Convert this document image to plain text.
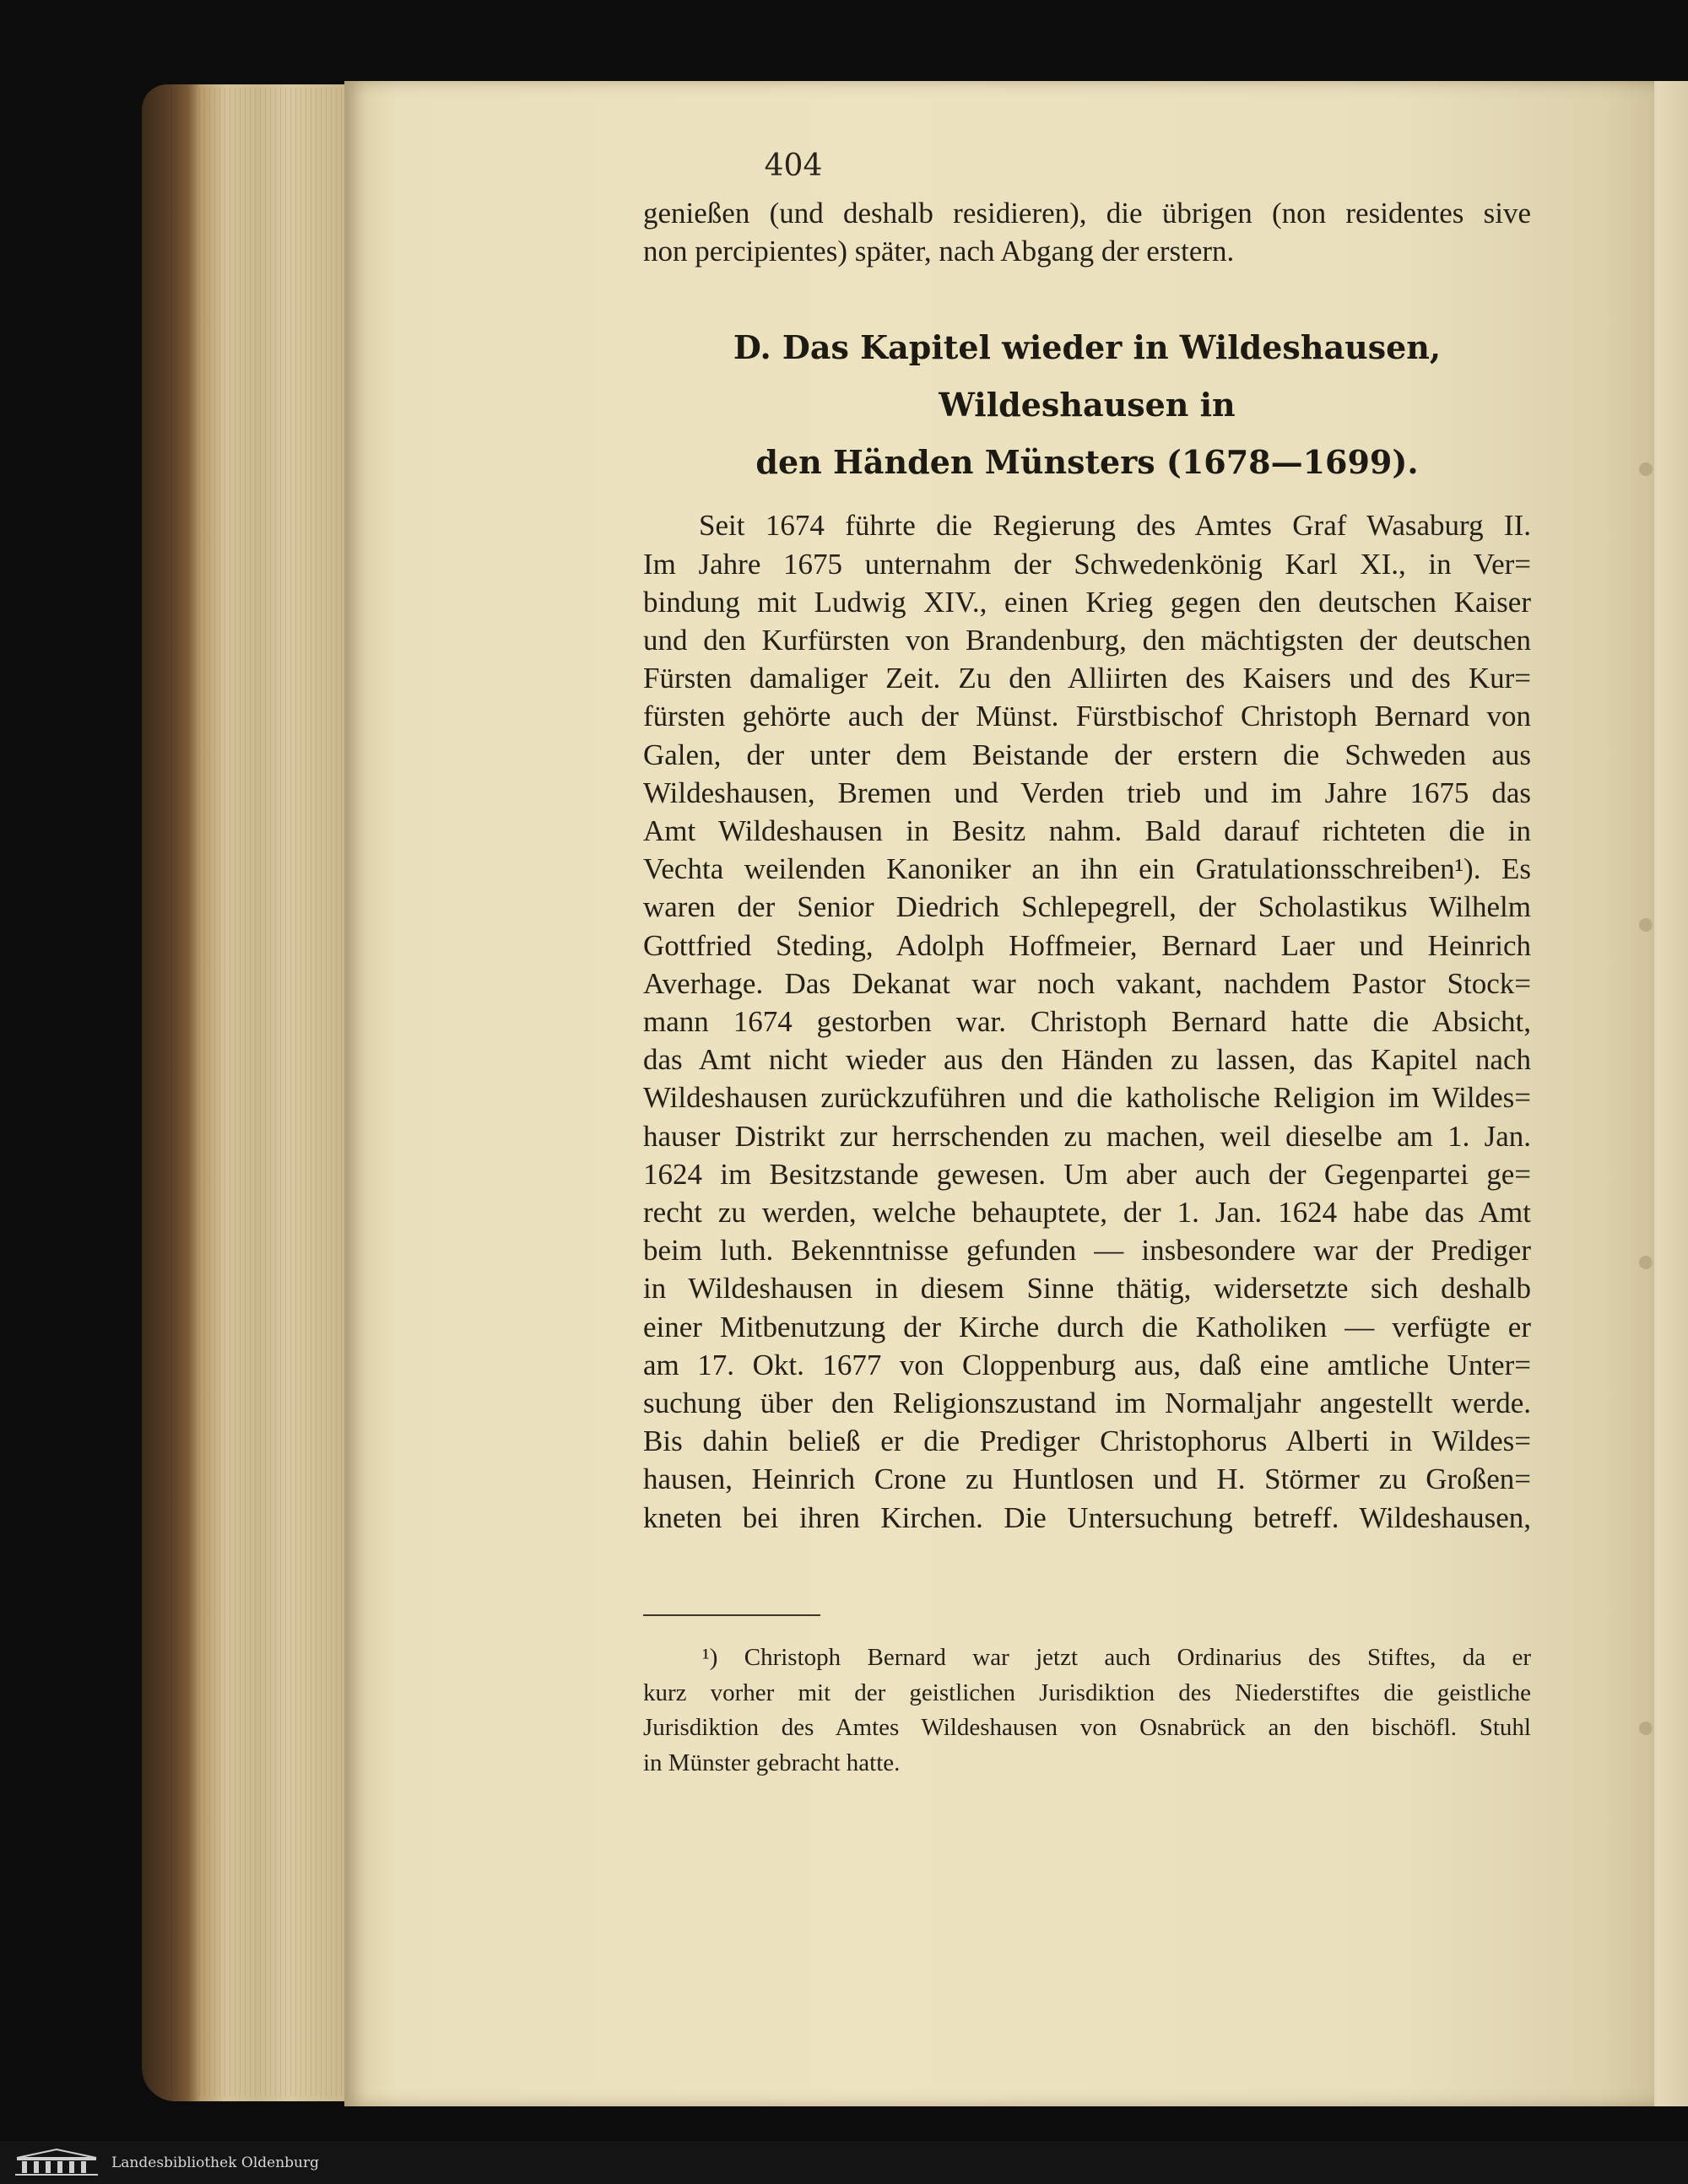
404

genießen (und deshalb residieren), die übrigen (non residentes sive

non percipientes) später, nach Abgang der erstern.

D. Das Kapitel wieder in Wildeshausen, Wildeshausen in
den Händen Münsters (1678—1699).

Seit 1674 führte die Regierung des Amtes Graf Wasaburg II.

Im Jahre 1675 unternahm der Schwedenkönig Karl XI., in Ver=

bindung mit Ludwig XIV., einen Krieg gegen den deutschen Kaiser

und den Kurfürsten von Brandenburg, den mächtigsten der deutschen

Fürsten damaliger Zeit. Zu den Alliirten des Kaisers und des Kur=

fürsten gehörte auch der Münst. Fürstbischof Christoph Bernard von

Galen, der unter dem Beistande der erstern die Schweden aus

Wildeshausen, Bremen und Verden trieb und im Jahre 1675 das

Amt Wildeshausen in Besitz nahm. Bald darauf richteten die in

Vechta weilenden Kanoniker an ihn ein Gratulationsschreiben¹). Es

waren der Senior Diedrich Schlepegrell, der Scholastikus Wilhelm

Gottfried Steding, Adolph Hoffmeier, Bernard Laer und Heinrich

Averhage. Das Dekanat war noch vakant, nachdem Pastor Stock=

mann 1674 gestorben war. Christoph Bernard hatte die Absicht,

das Amt nicht wieder aus den Händen zu lassen, das Kapitel nach

Wildeshausen zurückzuführen und die katholische Religion im Wildes=

hauser Distrikt zur herrschenden zu machen, weil dieselbe am 1. Jan.

1624 im Besitzstande gewesen. Um aber auch der Gegenpartei ge=

recht zu werden, welche behauptete, der 1. Jan. 1624 habe das Amt

beim luth. Bekenntnisse gefunden — insbesondere war der Prediger

in Wildeshausen in diesem Sinne thätig, widersetzte sich deshalb

einer Mitbenutzung der Kirche durch die Katholiken — verfügte er

am 17. Okt. 1677 von Cloppenburg aus, daß eine amtliche Unter=

suchung über den Religionszustand im Normaljahr angestellt werde.

Bis dahin beließ er die Prediger Christophorus Alberti in Wildes=

hausen, Heinrich Crone zu Huntlosen und H. Störmer zu Großen=

kneten bei ihren Kirchen. Die Untersuchung betreff. Wildeshausen,

¹) Christoph Bernard war jetzt auch Ordinarius des Stiftes, da er

kurz vorher mit der geistlichen Jurisdiktion des Niederstiftes die geistliche

Jurisdiktion des Amtes Wildeshausen von Osnabrück an den bischöfl. Stuhl

in Münster gebracht hatte.

Landesbibliothek Oldenburg
